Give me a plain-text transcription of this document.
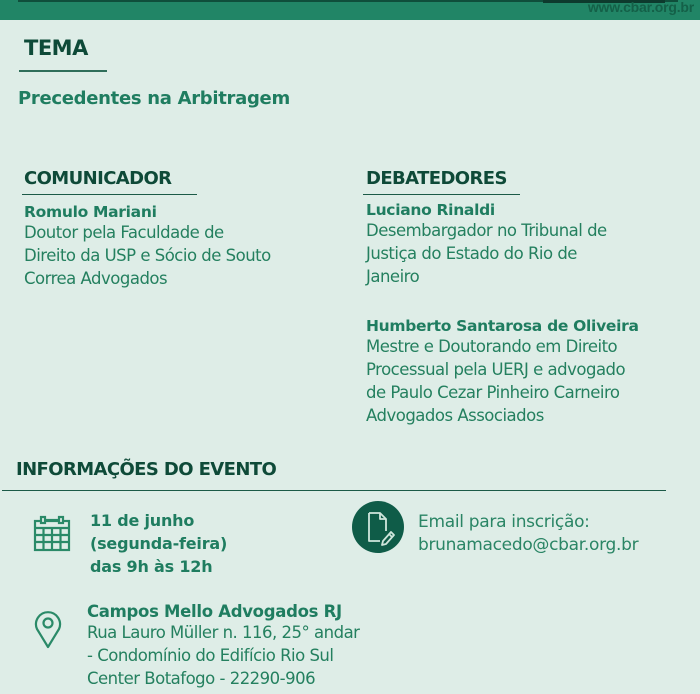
www.cbar.org.br
TEMA
Precedentes na Arbitragem
COMUNICADOR
Romulo Mariani
Doutor pela Faculdade de
Direito da USP e Sócio de Souto
Correa Advogados
DEBATEDORES
Luciano Rinaldi
Desembargador no Tribunal de
Justiça do Estado do Rio de
Janeiro
Humberto Santarosa de Oliveira
Mestre e Doutorando em Direito
Processual pela UERJ e advogado
de Paulo Cezar Pinheiro Carneiro
Advogados Associados
INFORMAÇÕES DO EVENTO
11 de junho
(segunda-feira)
das 9h às 12h
Email para inscrição:
brunamacedo@cbar.org.br
Campos Mello Advogados RJ
Rua Lauro Müller n. 116, 25° andar
- Condomínio do Edifício Rio Sul
Center Botafogo - 22290-906
